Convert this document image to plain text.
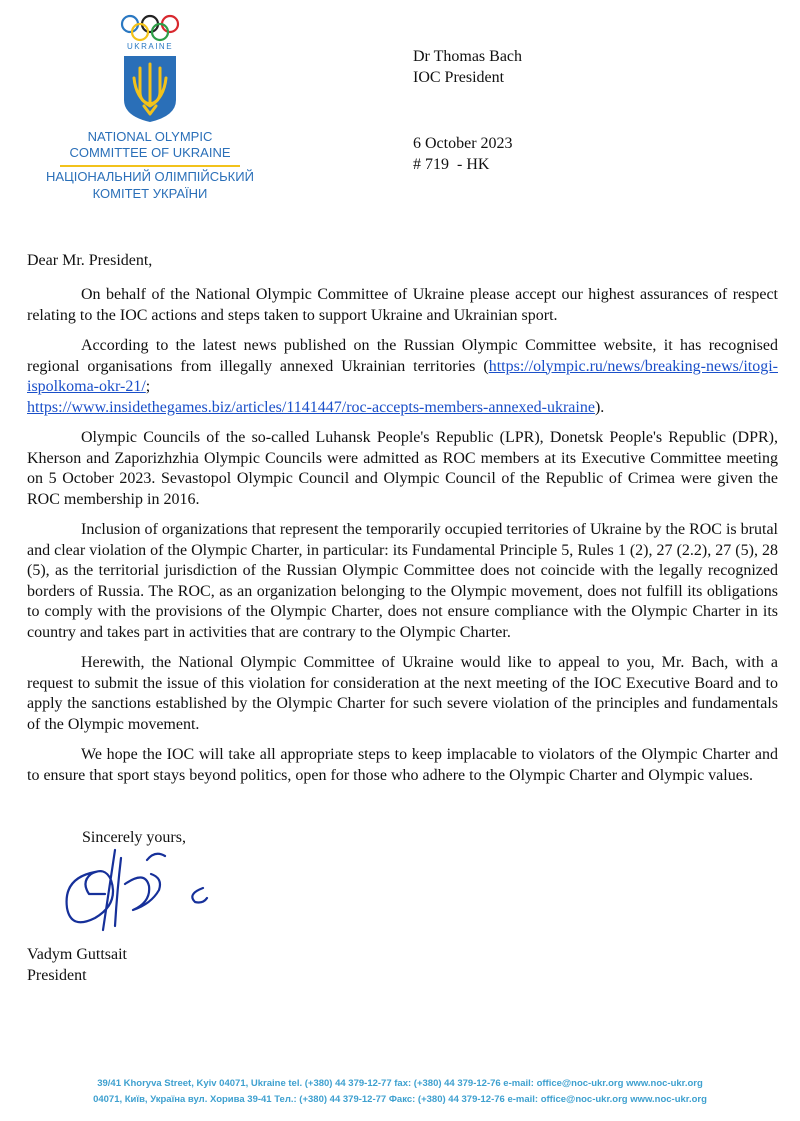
UKRAINE
NATIONAL OLYMPIC
COMMITTEE OF UKRAINE
НАЦІОНАЛЬНИЙ ОЛІМПІЙСЬКИЙ
КОМІТЕТ УКРАЇНИ
Dr Thomas Bach
IOC President
6 October 2023
# 719  - HK
Dear Mr. President,

On behalf of the National Olympic Committee of Ukraine please accept our highest assurances of respect relating to the IOC actions and steps taken to support Ukraine and Ukrainian sport.

According to the latest news published on the Russian Olympic Committee website, it has recognised regional organisations from illegally annexed Ukrainian territories (https://olympic.ru/news/breaking-news/itogi-ispolkoma-okr-21/;
https://www.insidethegames.biz/articles/1141447/roc-accepts-members-annexed-ukraine).

Olympic Councils of the so-called Luhansk People's Republic (LPR), Donetsk People's Republic (DPR), Kherson and Zaporizhzhia Olympic Councils were admitted as ROC members at its Executive Committee meeting on 5 October 2023. Sevastopol Olympic Council and Olympic Council of the Republic of Crimea were given the ROC membership in 2016.

Inclusion of organizations that represent the temporarily occupied territories of Ukraine by the ROC is brutal and clear violation of the Olympic Charter, in particular: its Fundamental Principle 5, Rules 1 (2), 27 (2.2), 27 (5), 28 (5), as the territorial jurisdiction of the Russian Olympic Committee does not coincide with the legally recognized borders of Russia. The ROC, as an organization belonging to the Olympic movement, does not fulfill its obligations to comply with the provisions of the Olympic Charter, does not ensure compliance with the Olympic Charter in its country and takes part in activities that are contrary to the Olympic Charter.

Herewith, the National Olympic Committee of Ukraine would like to appeal to you, Mr. Bach, with a request to submit the issue of this violation for consideration at the next meeting of the IOC Executive Board and to apply the sanctions established by the Olympic Charter for such severe violation of the principles and fundamentals of the Olympic movement.

We hope the IOC will take all appropriate steps to keep implacable to violators of the Olympic Charter and to ensure that sport stays beyond politics, open for those who adhere to the Olympic Charter and Olympic values.

Sincerely yours,
Vadym Guttsait
President
39/41 Khoryva Street, Kyiv 04071, Ukraine tel. (+380) 44 379-12-77 fax: (+380) 44 379-12-76 e-mail: office@noc-ukr.org www.noc-ukr.org
04071, Київ, Україна вул. Хорива 39-41 Тел.: (+380) 44 379-12-77 Факс: (+380) 44 379-12-76 e-mail: office@noc-ukr.org www.noc-ukr.org
